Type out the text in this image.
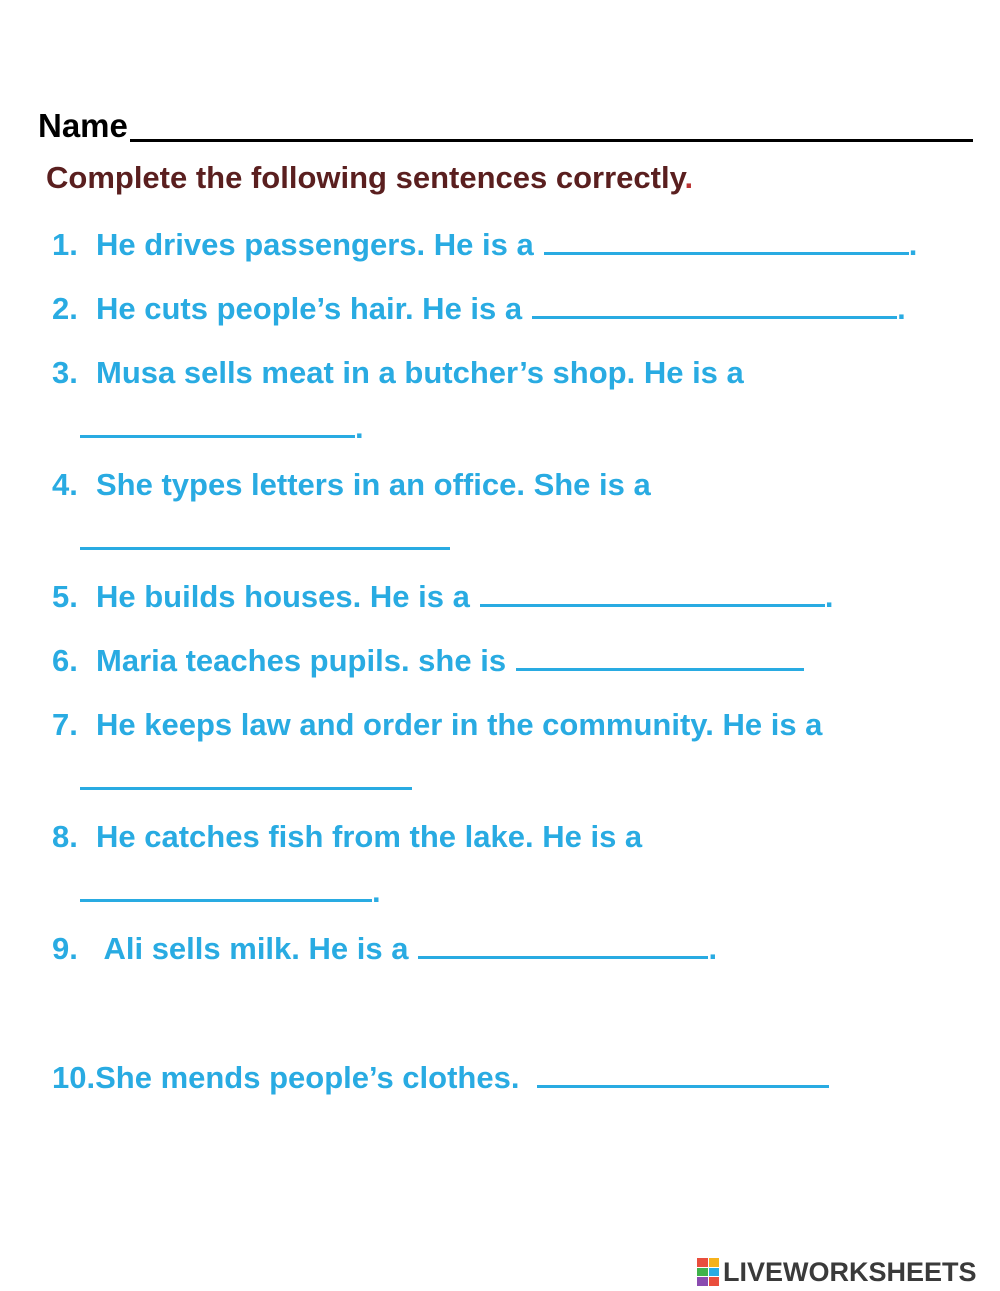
Name
Complete the following sentences correctly.
1. He drives passengers. He is a	.
2. He cuts people’s hair. He is a	.
3. Musa sells meat in a butcher’s shop. He is a
.
4. She types letters in an office. She is a
5. He builds houses. He is a	.
6. Maria teaches pupils. she is
7. He keeps law and order in the community. He is a
8. He catches fish from the lake. He is a
.
9. Ali sells milk. He is a	.
10.She mends people’s clothes.
LIVEWORKSHEETS
